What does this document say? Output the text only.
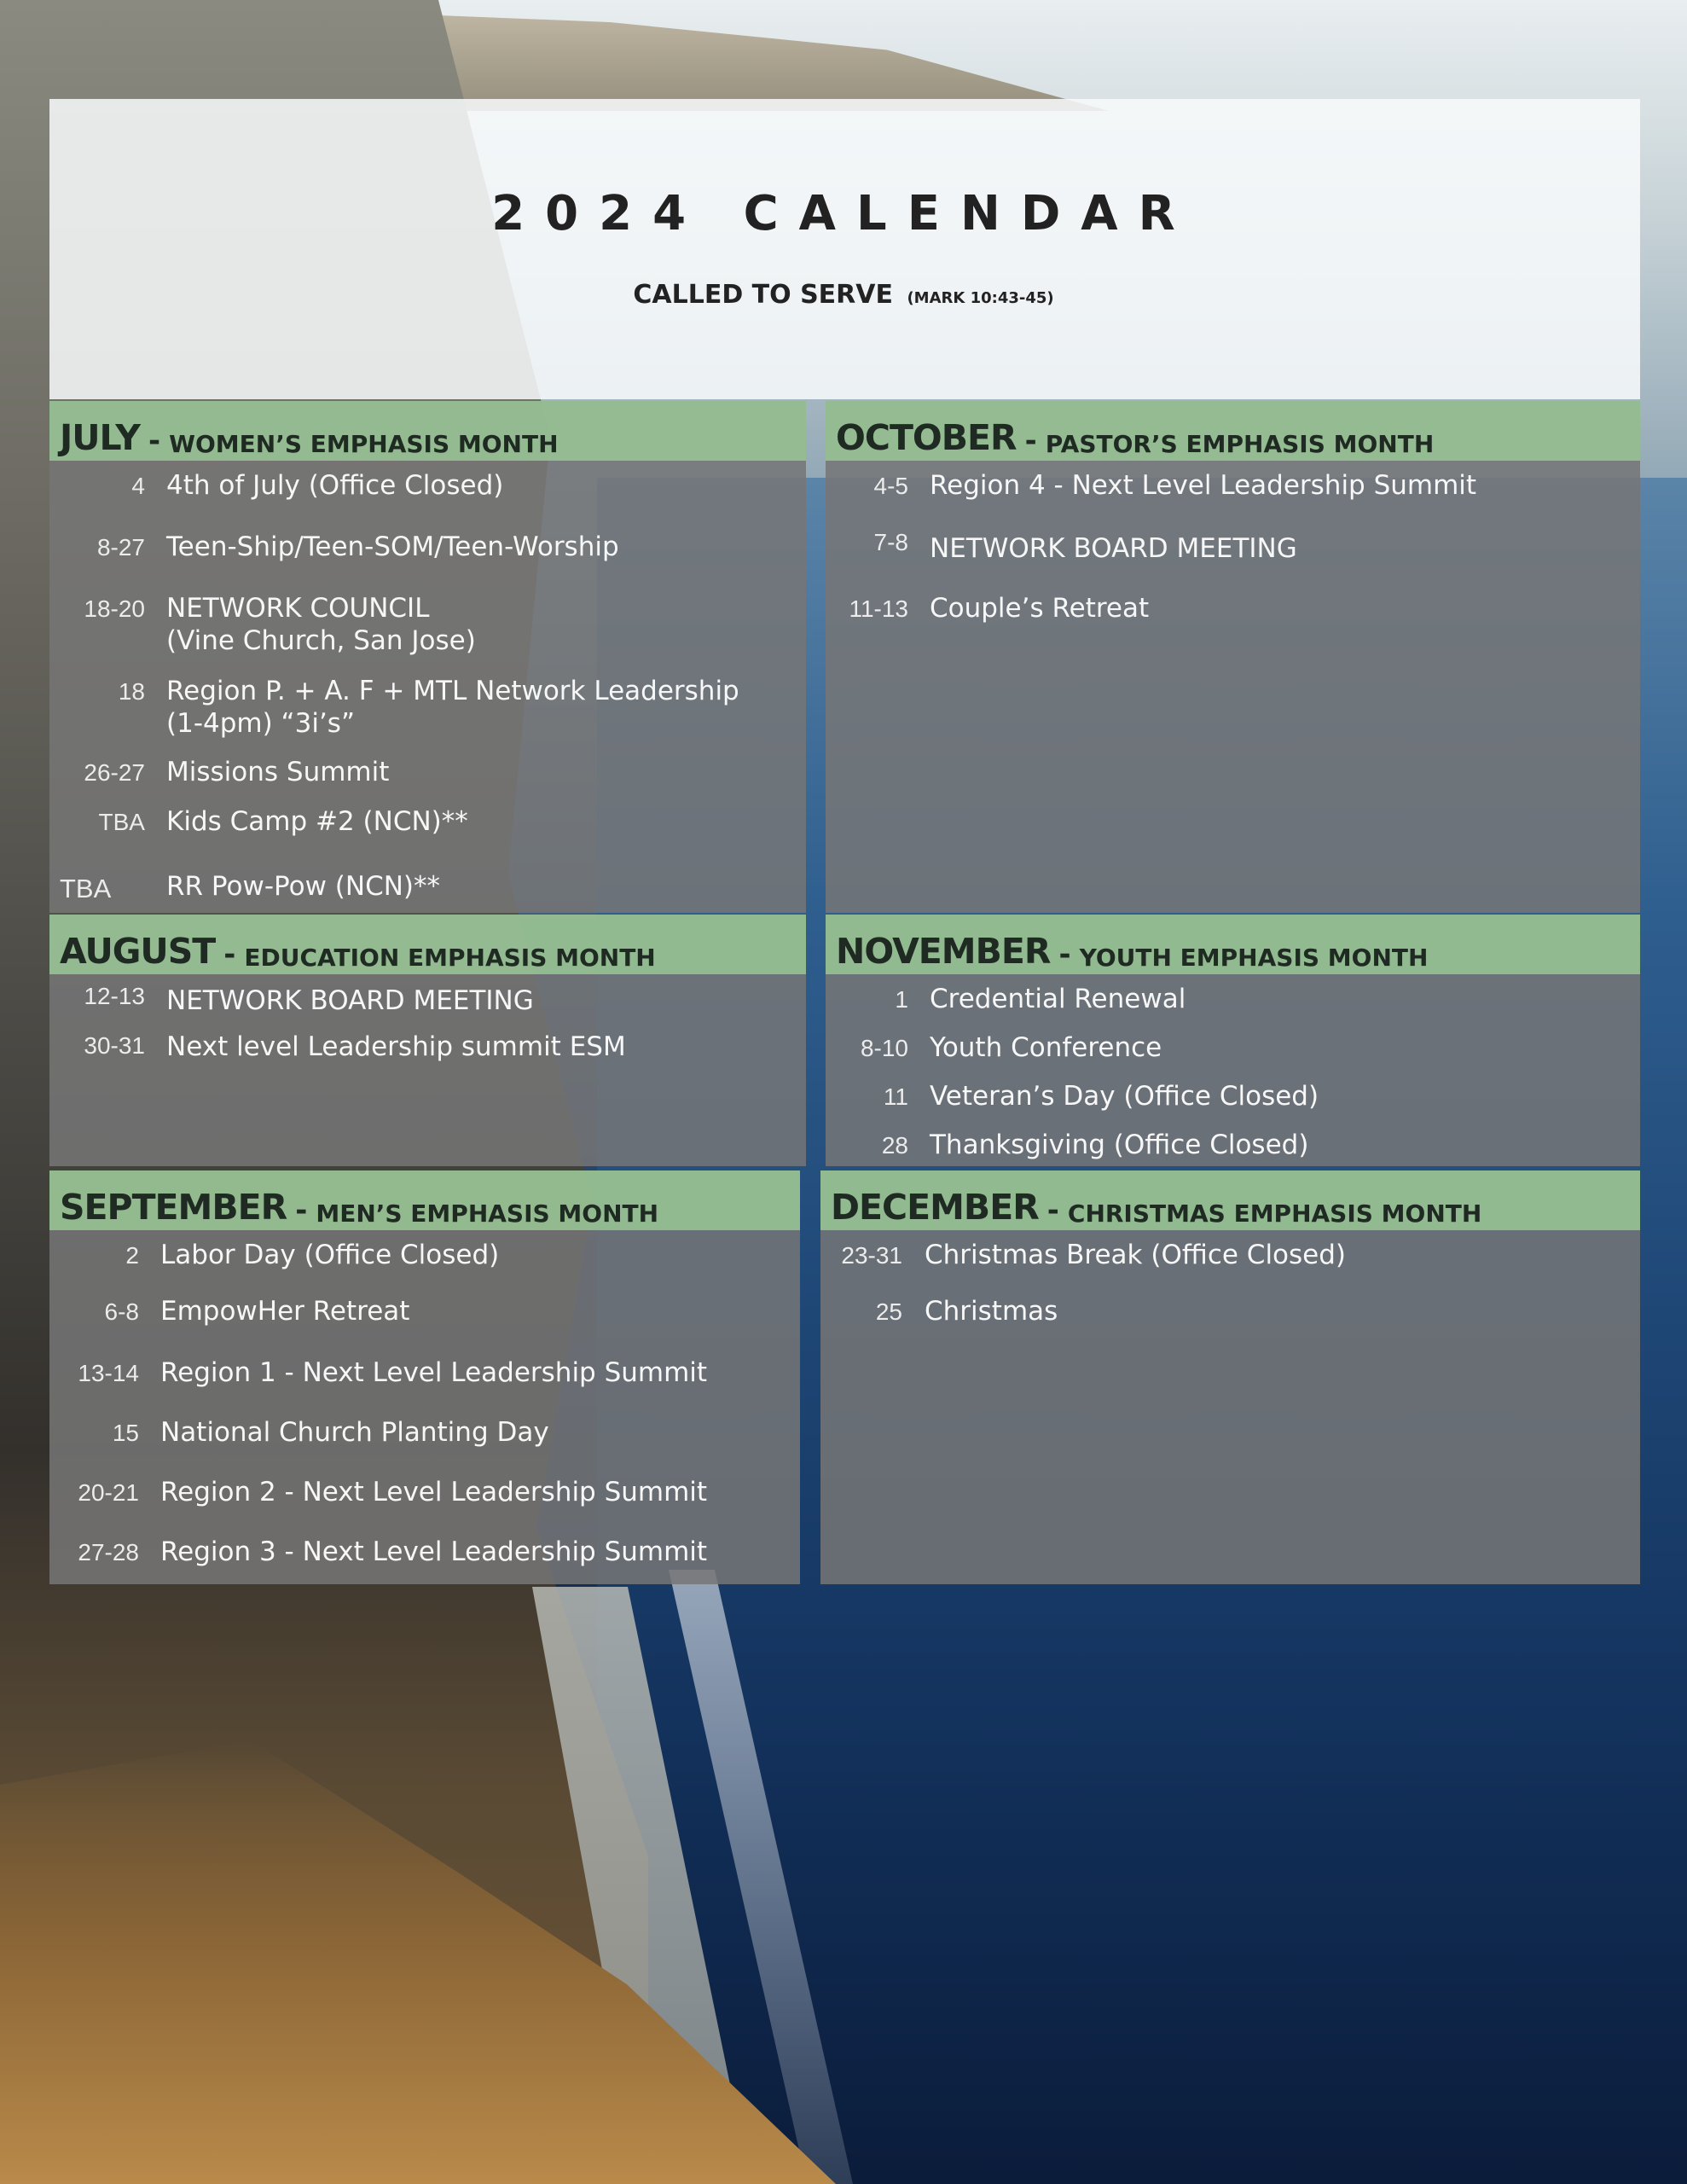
2024 CALENDAR
CALLED TO SERVE (MARK 10:43-45)
JULY - WOMEN’S EMPHASIS MONTH
4 4th of July (Office Closed)
8-27 Teen-Ship/Teen-SOM/Teen-Worship
18-20 NETWORK COUNCIL
(Vine Church, San Jose)
18 Region P. + A. F + MTL Network Leadership
(1-4pm) “3i’s”
26-27 Missions Summit
TBA Kids Camp #2 (NCN)**
TBA RR Pow-Pow (NCN)**
OCTOBER - PASTOR’S EMPHASIS MONTH
4-5 Region 4 - Next Level Leadership Summit
7-8 NETWORK BOARD MEETING
11-13 Couple’s Retreat
AUGUST - EDUCATION EMPHASIS MONTH
12-13 NETWORK BOARD MEETING
30-31 Next level Leadership summit ESM
NOVEMBER - YOUTH EMPHASIS MONTH
1 Credential Renewal
8-10 Youth Conference
11 Veteran’s Day (Office Closed)
28 Thanksgiving (Office Closed)
SEPTEMBER - MEN’S EMPHASIS MONTH
2 Labor Day (Office Closed)
6-8 EmpowHer Retreat
13-14 Region 1 - Next Level Leadership Summit
15 National Church Planting Day
20-21 Region 2 - Next Level Leadership Summit
27-28 Region 3 - Next Level Leadership Summit
DECEMBER - CHRISTMAS EMPHASIS MONTH
23-31 Christmas Break (Office Closed)
25 Christmas
